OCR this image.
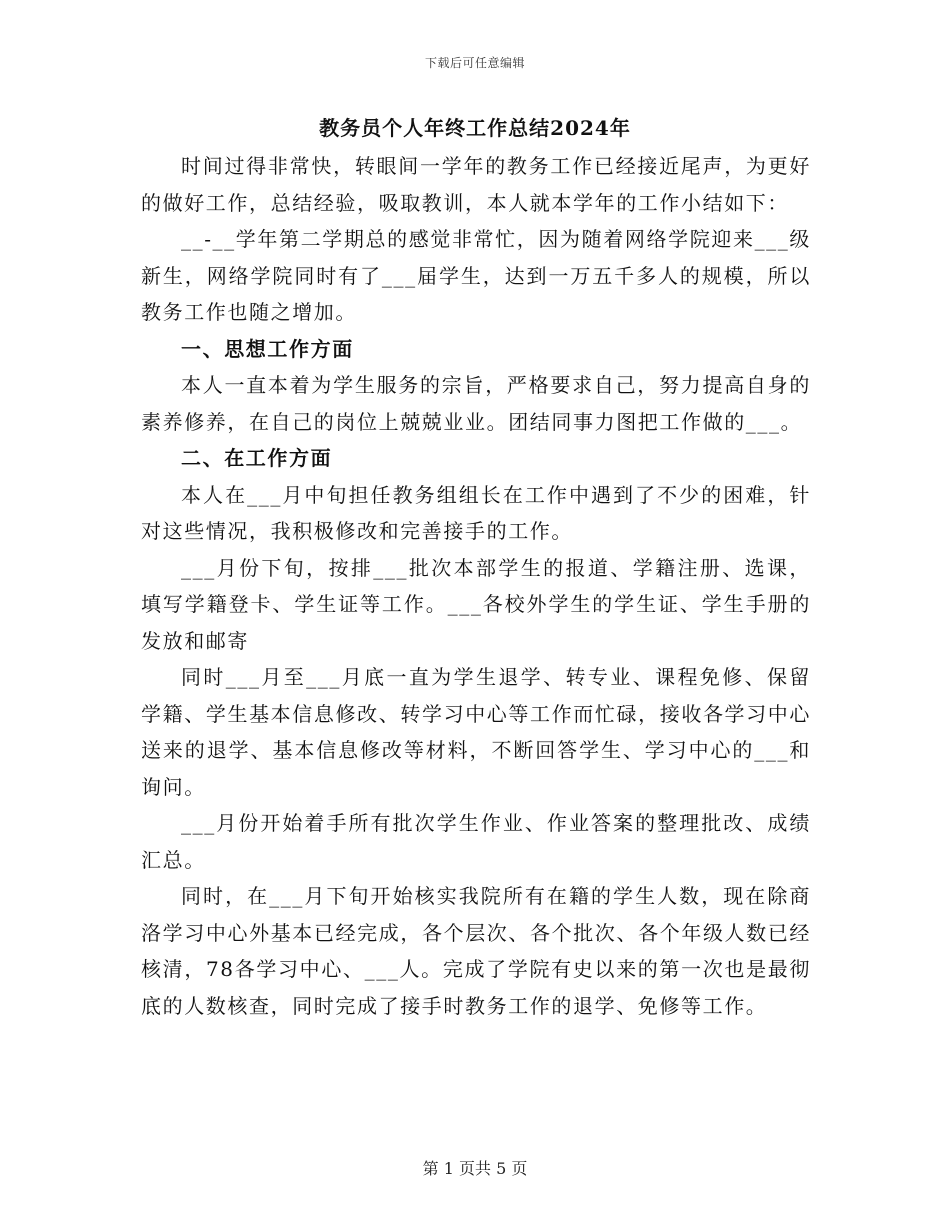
下载后可任意编辑
教务员个人年终工作总结2024年

时间过得非常快，转眼间一学年的教务工作已经接近尾声，为更好的做好工作，总结经验，吸取教训，本人就本学年的工作小结如下：

__-__学年第二学期总的感觉非常忙，因为随着网络学院迎来___级新生，网络学院同时有了___届学生，达到一万五千多人的规模，所以教务工作也随之增加。

一、思想工作方面

本人一直本着为学生服务的宗旨，严格要求自己，努力提高自身的素养修养，在自己的岗位上兢兢业业。团结同事力图把工作做的___。

二、在工作方面

本人在___月中旬担任教务组组长在工作中遇到了不少的困难，针对这些情况，我积极修改和完善接手的工作。

___月份下旬，按排___批次本部学生的报道、学籍注册、选课，填写学籍登卡、学生证等工作。___各校外学生的学生证、学生手册的发放和邮寄

同时___月至___月底一直为学生退学、转专业、课程免修、保留学籍、学生基本信息修改、转学习中心等工作而忙碌，接收各学习中心送来的退学、基本信息修改等材料，不断回答学生、学习中心的___和询问。

___月份开始着手所有批次学生作业、作业答案的整理批改、成绩汇总。

同时，在___月下旬开始核实我院所有在籍的学生人数，现在除商洛学习中心外基本已经完成，各个层次、各个批次、各个年级人数已经核清，78各学习中心、___人。完成了学院有史以来的第一次也是最彻底的人数核查，同时完成了接手时教务工作的退学、免修等工作。

第 1 页共 5 页
